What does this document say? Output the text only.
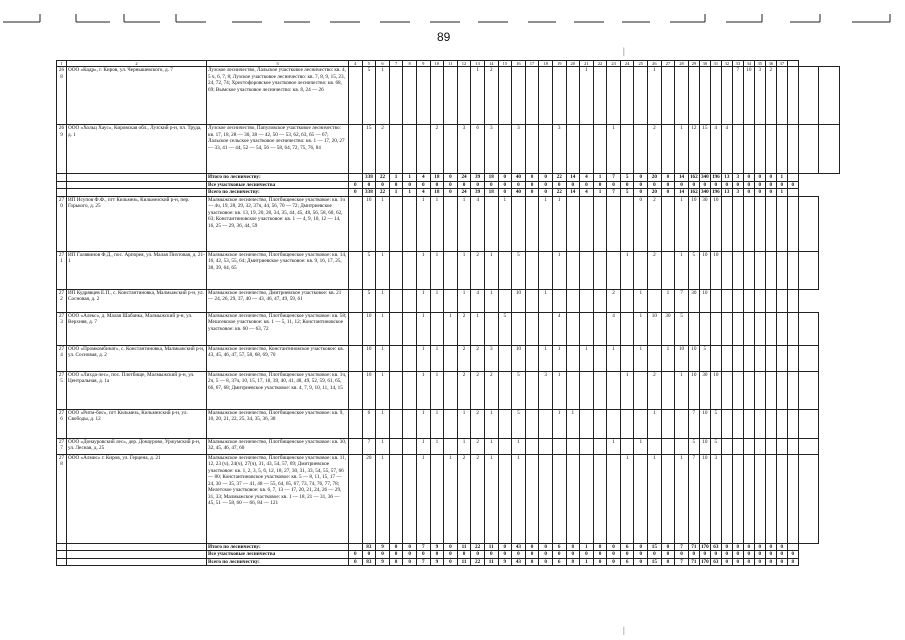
89
|
|
1	2	3	4	5	6	7	8	9	10	11	12	13	14	15	16	17	18	19	20	21	22	23	24	25	26	27	28	29	30	31	32	33	34	35	36	37			
268	ООО «Кадр», г. Киров, ул. Чернышевского, д. 7	Лузское лесничество, Лальское участковое лесничество: кв. 4, 5 ч, 6, 7, 8; Лузское участковое лесничество: кв. 7, 8, 9, 15, 23, 24, 72, 74; Христофоровское участковое лесничество: кв. 68, 69; Вымское участковое лесничество: кв. 8, 24 — 26		5	1							1	2							1					1							7	10	3	2				
269	ООО «Хольц Хаус», Кировская обл., Лузский р-н, пл. Труда, д. 1	Лузское лесничество, Папуловское участковое лесничество: кв. 17, 18, 28 — 30, 38 — 42, 50 — 53, 62, 63, 65 — 67; Лальское сельское участковое лесничество: кв. 1 — 17, 20, 27 — 33, 41 — 44, 52 — 54, 56 — 58, 64, 72, 75, 76, 84		15	2				2		3	6	3		3			3				1			2		1	12	15	4	4								
		Итого по лесничеству:		338	22	1	1	4	18	0	24	39	18	0	40	0	0	22	14	4	1	7	5	0	20	0	14	162	340	196	13	3	0	0	0	1			
		Все участковые лесничества	0	0	0	0	0	0	0	0	0	0	0	0	0	0	0	0	0	0	0	0	0	0	0	0	0	0	0	0	0	0	0	0	0	0	0		
		Всего по лесничеству:	0	338	22	1	1	4	18	0	24	39	18	0	40	0	0	22	14	4	1	7	5	0	20	0	14	162	340	196	13	3	0	0	0	1			
270	ИП Исупов Ф.Ф., пгт Кильмезь, Кильмезский р-н, пер. Горького, д. 25	Малмыжское лесничество, Плотбищенское участковое: кв. 1ч — 4ч, 19, 28, 29, 32, 37ч, 44, 56, 70 — 72; Дмитриевское участковое: кв. 13, 19, 20, 28, 34, 35, 44, 45, 48, 56, 58, 60, 62, 63; Константиновское участковое: кв. 1 — 4, 9, 10, 12 — 14, 16, 25 — 29, 36, 44, 59		10	1			1	1		1	4		1			1	1						0	2		1	10	30	10									
271	ИП Галявинов Ф.Д., пос. Арпорея, ул. Малая Пихтовая, д. 21-1	Малмыжское лесничество, Плотбищенское участковое: кв. 14, 16, 42, 53, 55, 64; Дмитриевское участковое: кв. 9, 16, 17, 25, 38, 39, 64, 65		5	1			1	1		1	2	1		5			1					1		2		1	5	10	10									
272	ИП Кудрявцев Е.П., с. Константиновка, Малмыжский р-н, ул. Сосновая, д. 2	Малмыжское лесничество, Дмитриевское участковое: кв. 21 — 24, 26, 29, 37, 40 — 43, 46, 47, 49, 59, 61		5	1			1	1		1	4	1		10		1					2		1		1	7	30	10										
273	ООО «Алекс», д. Малая Шабанка, Малмыжский р-н, ул. Верхняя, д. 7	Малмыжское лесничество, Плотбищенское участковое: кв. 58; Мешсевское участковое: кв. 1 — 5, 11, 12; Константиновское участковое: кв. 60 — 63, 72		10	1			1		1	2	1		5				4				4		1	10	30	5												
274	ООО «Промкомбинат», с. Константиновка, Малмыжский р-н, ул. Сосновая, д. 2	Малмыжское лесничество, Константиновское участковое: кв. 43, 45, 46, 47, 57, 58, 68, 69, 70		10	1			1	1		2	2	3		10		1	1		1		1		1		1	10	10	5										
275	ООО «Лихда-лес», пос. Плотбище, Малмыжский р-н, ул. Центральная, д. 1а	Малмыжское лесничество, Плотбищенское участковое: кв. 1ч, 2ч, 5 — 8, 37ч, 10, 15, 17, 18, 39, 40, 41, 48, 49, 52, 59, 61, 65, 66, 67, 68; Дмитриевское участковое: кв. 4, 7, 9, 10, 11, 14, 15		10	1			1	1		2	2	2		5		3	1					1		2		1	10	30	10									
276	ООО «Ритм-бис», пгт Кильмезь, Кильмезский р-н, ул. Свободы, д. 12	Малмыжское лесничество, Плотбищенское участковое: кв. 9, 10, 20, 21, 22, 25, 34, 35, 36, 38		6	1			1	1		1	2	1		5			1	1						1			7	10	5									
277	ООО «Донауровский лес», дер. Донаурово, Уржумский р-н, ул. Лесная, д. 25	Малмыжское лесничество, Плотбищенское участковое: кв. 30, 32, 45, 46, 47, 60		7	1			1	1		1	2	1		1							1		1				5	10	5									
278	ООО «Алмис» г. Киров, ул. Герцена, д. 21	Малмыжское лесничество, Плотбищенское участковое: кв. 11, 12, 23 (ч), 24(ч), 27(ч), 31, 43, 54, 57, 69; Дмитриевское участковое: кв. 1, 2, 3, 5, 6, 12, 18, 27, 30, 31, 33, 54, 55, 57, 66 — 80; Константиновское участковое: кв. 5 — 8, 11, 15, 17 — 24, 30 — 35, 37 — 41, 48 — 55, 64, 65, 67, 73, 74, 76, 77, 78; Мелетское участковое: кв. 6, 7, 13 — 17, 20, 21, 24, 26 — 29, 31, 33; Малмыжское участковое: кв. 1 — 18, 21 — 31, 36 — 45, 51 — 58, 60 — 66, 84 — 121		20	1			1		1	2	2	1		1								1		1		1	7	10	3									
		Итого по лесничеству:		83	9	0	0	7	9	0	11	22	11	0	43	0	0	6	8	1	0	0	6	0	15	0	7	71	170	63	0	0	0	0	0	0			
		Все участковые лесничества	0	0	0	0	0	0	0	0	0	0	0	0	0	0	0	0	0	0	0	0	0	0	0	0	0	0	0	0	0	0	0	0	0	0	0		
		Всего по лесничеству:	0	83	9	0	0	7	9	0	11	22	11	9	43	0	0	6	8	1	0	0	6	0	15	0	7	71	170	63	0	0	0	0	0	0	8		
